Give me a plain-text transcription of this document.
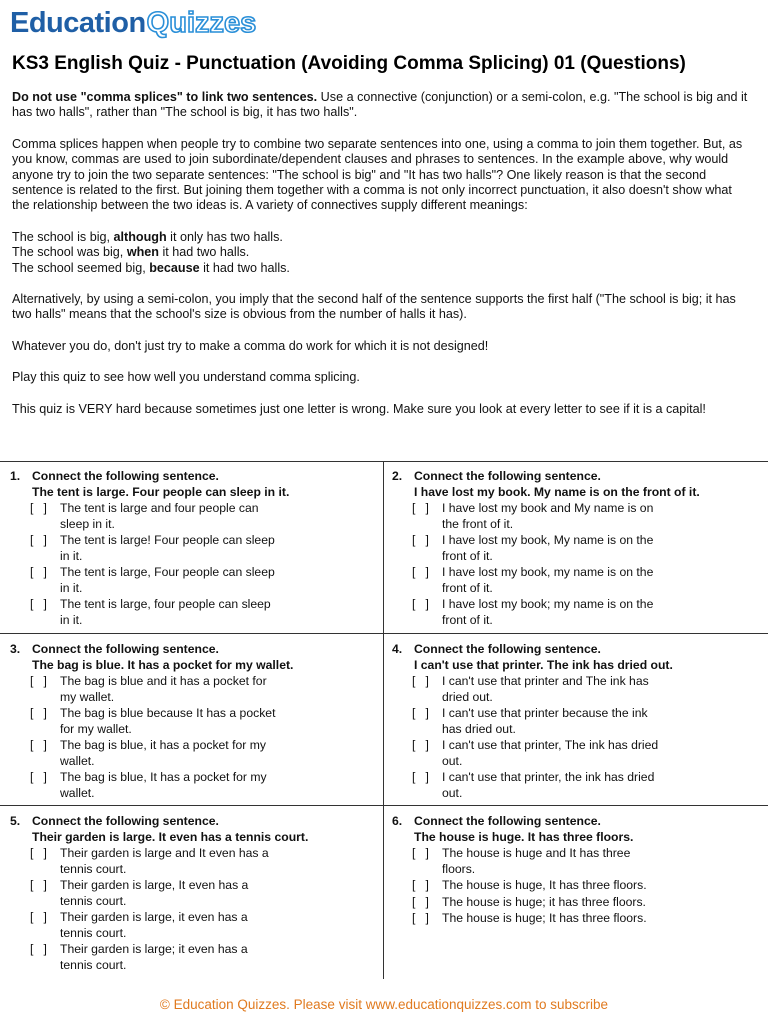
Education Quizzes
KS3 English Quiz - Punctuation (Avoiding Comma Splicing) 01 (Questions)

Do not use "comma splices" to link two sentences. Use a connective (conjunction) or a semi-colon, e.g. "The school is big and it has two halls", rather than "The school is big, it has two halls".

Comma splices happen when people try to combine two separate sentences into one, using a comma to join them together. But, as you know, commas are used to join subordinate/dependent clauses and phrases to sentences. In the example above, why would anyone try to join the two separate sentences: "The school is big" and "It has two halls"? One likely reason is that the second sentence is related to the first. But joining them together with a comma is not only incorrect punctuation, it also doesn't show what the relationship between the two ideas is. A variety of connectives supply different meanings:

The school is big, although it only has two halls.
The school was big, when it had two halls.
The school seemed big, because it had two halls.

Alternatively, by using a semi-colon, you imply that the second half of the sentence supports the first half ("The school is big; it has two halls" means that the school's size is obvious from the number of halls it has).

Whatever you do, don't just try to make a comma do work for which it is not designed!

Play this quiz to see how well you understand comma splicing.

This quiz is VERY hard because sometimes just one letter is wrong. Make sure you look at every letter to see if it is a capital!

1. Connect the following sentence.
The tent is large. Four people can sleep in it.
[   ]	The tent is large and four people can sleep in it.
[   ]	The tent is large! Four people can sleep in it.
[   ]	The tent is large, Four people can sleep in it.
[   ]	The tent is large, four people can sleep in it.
2. Connect the following sentence.
I have lost my book. My name is on the front of it.
[   ]	I have lost my book and My name is on the front of it.
[   ]	I have lost my book, My name is on the front of it.
[   ]	I have lost my book, my name is on the front of it.
[   ]	I have lost my book; my name is on the front of it.
3. Connect the following sentence.
The bag is blue. It has a pocket for my wallet.
[   ]	The bag is blue and it has a pocket for my wallet.
[   ]	The bag is blue because It has a pocket for my wallet.
[   ]	The bag is blue, it has a pocket for my wallet.
[   ]	The bag is blue, It has a pocket for my wallet.
4. Connect the following sentence.
I can't use that printer. The ink has dried out.
[   ]	I can't use that printer and The ink has dried out.
[   ]	I can't use that printer because the ink has dried out.
[   ]	I can't use that printer, The ink has dried out.
[   ]	I can't use that printer, the ink has dried out.
5. Connect the following sentence.
Their garden is large. It even has a tennis court.
[   ]	Their garden is large and It even has a tennis court.
[   ]	Their garden is large, It even has a tennis court.
[   ]	Their garden is large, it even has a tennis court.
[   ]	Their garden is large; it even has a tennis court.
6. Connect the following sentence.
The house is huge. It has three floors.
[   ]	The house is huge and It has three floors.
[   ]	The house is huge, It has three floors.
[   ]	The house is huge; it has three floors.
[   ]	The house is huge; It has three floors.
© Education Quizzes. Please visit www.educationquizzes.com to subscribe
